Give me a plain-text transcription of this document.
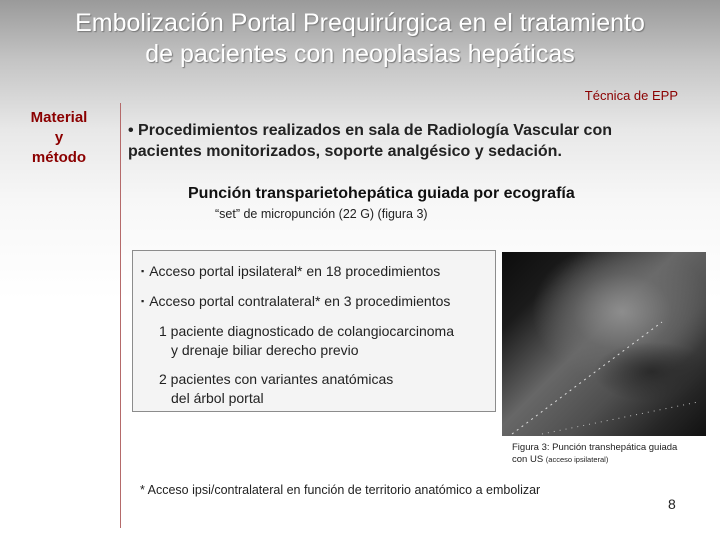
Embolización Portal Prequirúrgica en el tratamiento
de pacientes con neoplasias hepáticas
Técnica de EPP
Material
y
método
• Procedimientos realizados en sala de Radiología Vascular con pacientes monitorizados, soporte analgésico y sedación.
Punción transparietohepática guiada por ecografía
“set” de micropunción (22 G) (figura 3)
▪ Acceso portal ipsilateral* en 18 procedimientos
▪ Acceso portal contralateral* en 3 procedimientos
1 paciente diagnosticado de colangiocarcinoma
y drenaje biliar derecho previo
2 pacientes con variantes anatómicas
del árbol portal
Figura 3: Punción transhepática guiada
con US (acceso ipsilateral)
* Acceso ipsi/contralateral en función de territorio anatómico a embolizar
8
